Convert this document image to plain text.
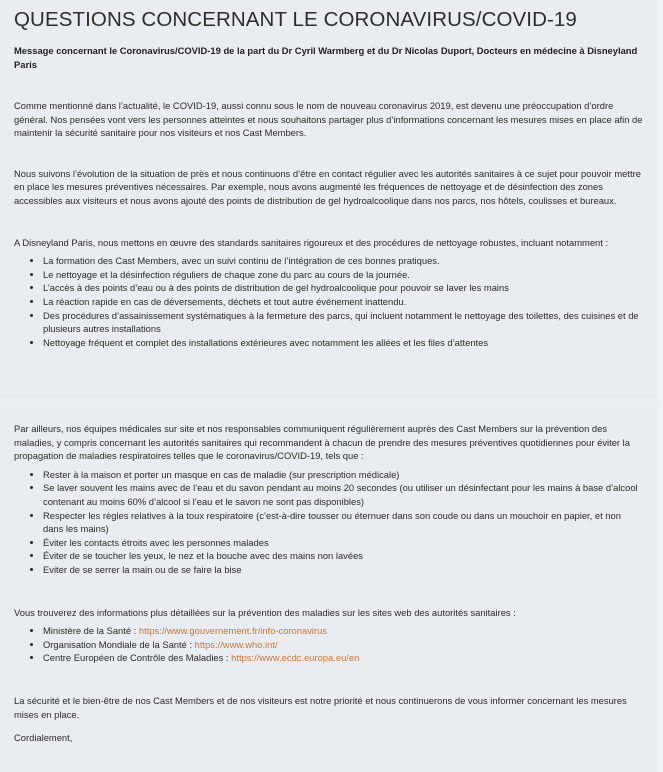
QUESTIONS CONCERNANT LE CORONAVIRUS/COVID-19

Message concernant le Coronavirus/COVID-19 de la part du Dr Cyril Warmberg et du Dr Nicolas Duport, Docteurs en médecine à Disneyland Paris

Comme mentionné dans l’actualité, le COVID-19, aussi connu sous le nom de nouveau coronavirus 2019, est devenu une préoccupation d’ordre général. Nos pensées vont vers les personnes atteintes et nous souhaitons partager plus d’informations concernant les mesures mises en place afin de maintenir la sécurité sanitaire pour nos visiteurs et nos Cast Members.

Nous suivons l’évolution de la situation de près et nous continuons d’être en contact régulier avec les autorités sanitaires à ce sujet pour pouvoir mettre en place les mesures préventives nécessaires. Par exemple, nous avons augmenté les fréquences de nettoyage et de désinfection des zones accessibles aux visiteurs et nous avons ajouté des points de distribution de gel hydroalcoolique dans nos parcs, nos hôtels, coulisses et bureaux.

A Disneyland Paris, nous mettons en œuvre des standards sanitaires rigoureux et des procédures de nettoyage robustes, incluant notamment :

• La formation des Cast Members, avec un suivi continu de l’intégration de ces bonnes pratiques.
• Le nettoyage et la désinfection réguliers de chaque zone du parc au cours de la journée.
• L’accès à des points d’eau ou à des points de distribution de gel hydroalcoolique pour pouvoir se laver les mains
• La réaction rapide en cas de déversements, déchets et tout autre événement inattendu.
• Des procédures d’assainissement systématiques à la fermeture des parcs, qui incluent notamment le nettoyage des toilettes, des cuisines et de plusieurs autres installations
• Nettoyage fréquent et complet des installations extérieures avec notamment les allées et les files d’attentes

Par ailleurs, nos équipes médicales sur site et nos responsables communiquent régulièrement auprès des Cast Members sur la prévention des maladies, y compris concernant les autorités sanitaires qui recommandent à chacun de prendre des mesures préventives quotidiennes pour éviter la propagation de maladies respiratoires telles que le coronavirus/COVID-19, tels que :

• Rester à la maison et porter un masque en cas de maladie (sur prescription médicale)
• Se laver souvent les mains avec de l’eau et du savon pendant au moins 20 secondes (ou utiliser un désinfectant pour les mains à base d’alcool contenant au moins 60% d’alcool si l’eau et le savon ne sont pas disponibles)
• Respecter les règles relatives à la toux respiratoire (c’est-à-dire tousser ou éternuer dans son coude ou dans un mouchoir en papier, et non dans les mains)
• Éviter les contacts étroits avec les personnes malades
• Éviter de se toucher les yeux, le nez et la bouche avec des mains non lavées
• Eviter de se serrer la main ou de se faire la bise

Vous trouverez des informations plus détaillées sur la prévention des maladies sur les sites web des autorités sanitaires :

• Ministère de la Santé : https://www.gouvernement.fr/info-coronavirus
• Organisation Mondiale de la Santé : https://www.who.int/
• Centre Européen de Contrôle des Maladies : https://www.ecdc.europa.eu/en

La sécurité et le bien-être de nos Cast Members et de nos visiteurs est notre priorité et nous continuerons de vous informer concernant les mesures mises en place.

Cordialement,
